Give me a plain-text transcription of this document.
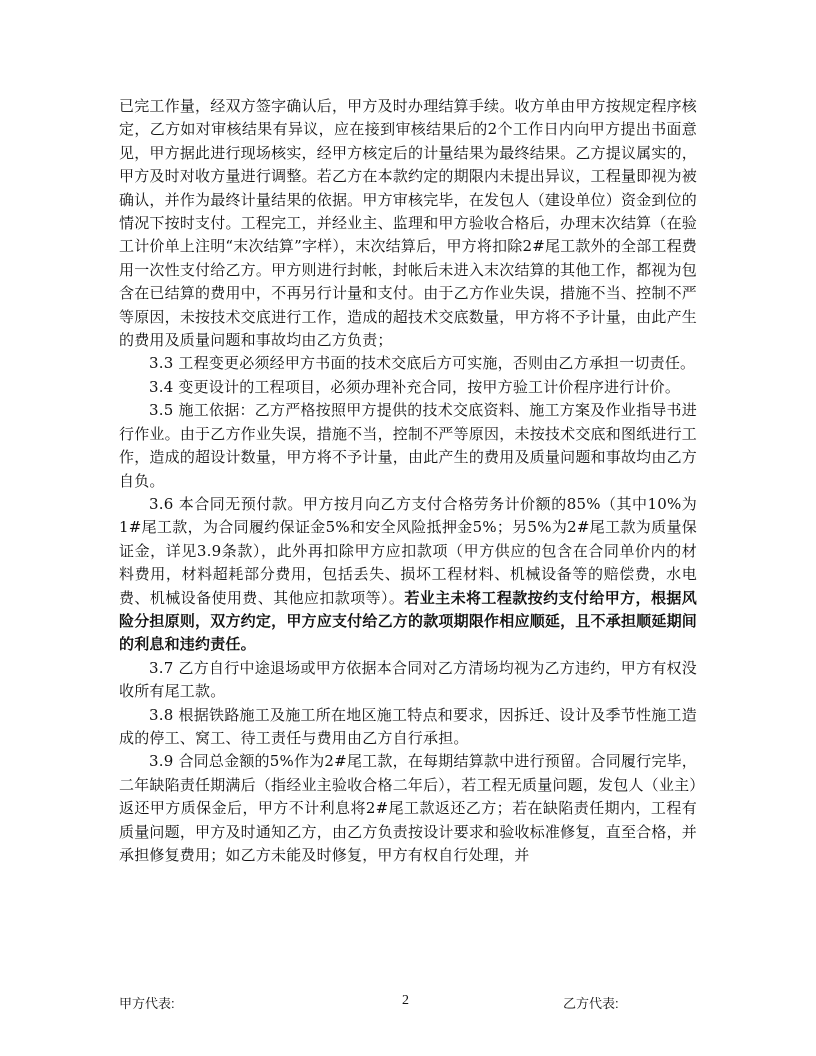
已完工作量，经双方签字确认后，甲方及时办理结算手续。收方单由甲方按规定程序核定，乙方如对审核结果有异议，应在接到审核结果后的2个工作日内向甲方提出书面意见，甲方据此进行现场核实，经甲方核定后的计量结果为最终结果。乙方提议属实的，甲方及时对收方量进行调整。若乙方在本款约定的期限内未提出异议，工程量即视为被确认，并作为最终计量结果的依据。甲方审核完毕，在发包人（建设单位）资金到位的情况下按时支付。工程完工，并经业主、监理和甲方验收合格后，办理末次结算（在验工计价单上注明“末次结算”字样），末次结算后，甲方将扣除2#尾工款外的全部工程费用一次性支付给乙方。甲方则进行封帐，封帐后未进入末次结算的其他工作，都视为包含在已结算的费用中，不再另行计量和支付。由于乙方作业失误，措施不当、控制不严等原因，未按技术交底进行工作，造成的超技术交底数量，甲方将不予计量，由此产生的费用及质量问题和事故均由乙方负责；

3.3 工程变更必须经甲方书面的技术交底后方可实施，否则由乙方承担一切责任。

3.4 变更设计的工程项目，必须办理补充合同，按甲方验工计价程序进行计价。

3.5 施工依据：乙方严格按照甲方提供的技术交底资料、施工方案及作业指导书进行作业。由于乙方作业失误，措施不当，控制不严等原因，未按技术交底和图纸进行工作，造成的超设计数量，甲方将不予计量，由此产生的费用及质量问题和事故均由乙方自负。

3.6 本合同无预付款。甲方按月向乙方支付合格劳务计价额的85%（其中10%为1#尾工款，为合同履约保证金5%和安全风险抵押金5%；另5%为2#尾工款为质量保证金，详见3.9条款），此外再扣除甲方应扣款项（甲方供应的包含在合同单价内的材料费用，材料超耗部分费用，包括丢失、损坏工程材料、机械设备等的赔偿费，水电费、机械设备使用费、其他应扣款项等）。若业主未将工程款按约支付给甲方，根据风险分担原则，双方约定，甲方应支付给乙方的款项期限作相应顺延，且不承担顺延期间的利息和违约责任。

3.7 乙方自行中途退场或甲方依据本合同对乙方清场均视为乙方违约，甲方有权没收所有尾工款。

3.8 根据铁路施工及施工所在地区施工特点和要求，因拆迁、设计及季节性施工造成的停工、窝工、待工责任与费用由乙方自行承担。

3.9 合同总金额的5%作为2#尾工款，在每期结算款中进行预留。合同履行完毕，二年缺陷责任期满后（指经业主验收合格二年后），若工程无质量问题，发包人（业主）返还甲方质保金后，甲方不计利息将2#尾工款返还乙方；若在缺陷责任期内，工程有质量问题，甲方及时通知乙方，由乙方负责按设计要求和验收标准修复，直至合格，并承担修复费用；如乙方未能及时修复，甲方有权自行处理，并

甲方代表:	2	乙方代表:
